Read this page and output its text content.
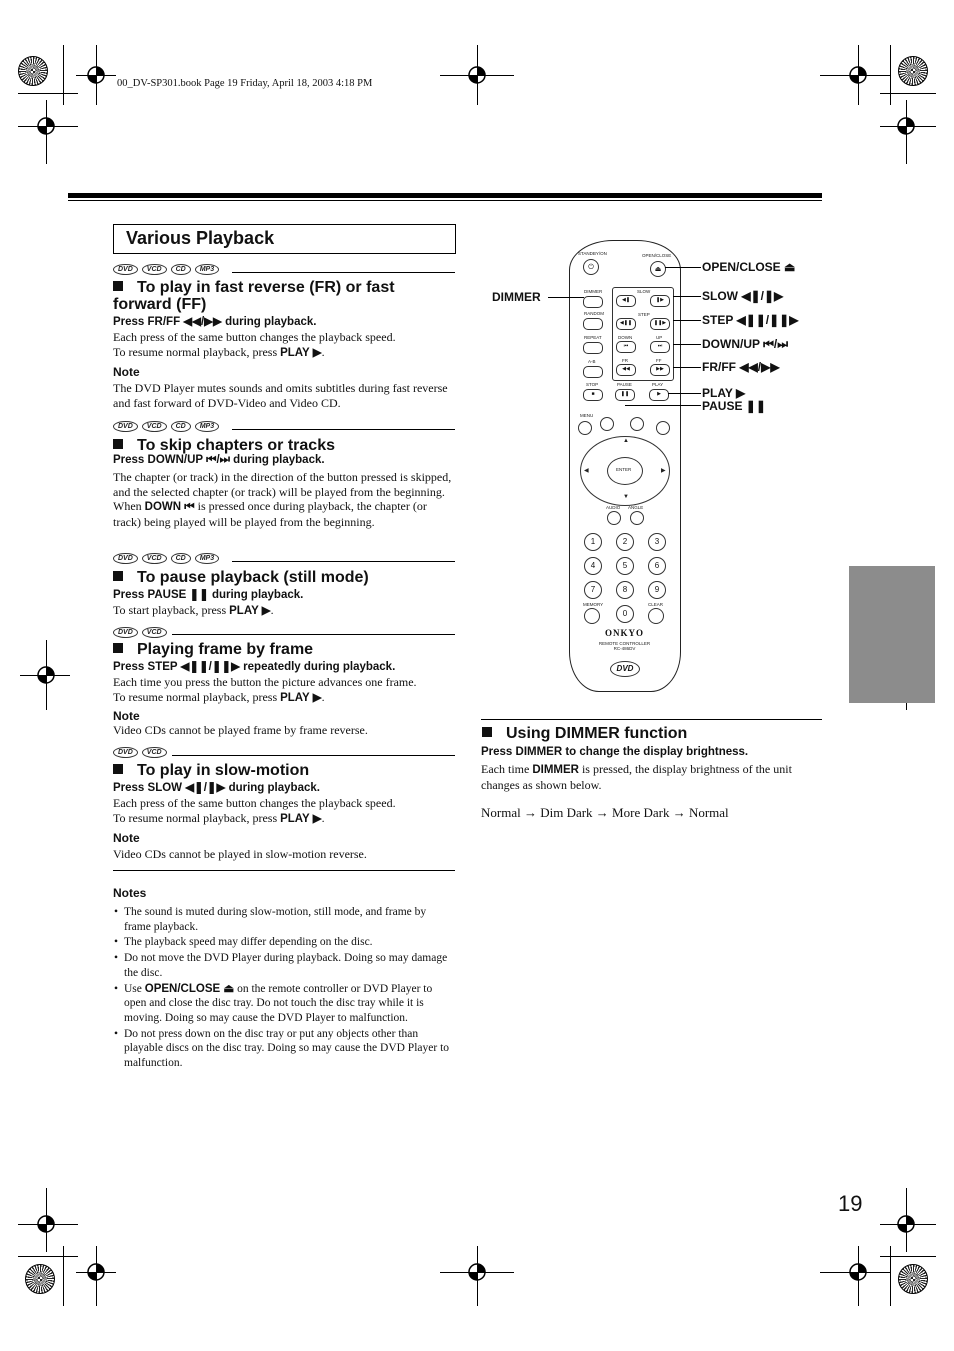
00_DV-SP301.book Page 19 Friday, April 18, 2003 4:18 PM
Various Playback
DVD	VCD	CD	MP3
To play in fast reverse (FR) or fast forward (FF)
Press FR/FF ◀◀/▶▶ during playback.
Each press of the same button changes the playback speed.
To resume normal playback, press PLAY ▶.
Note
The DVD Player mutes sounds and omits subtitles during fast reverse and fast forward of DVD-Video and Video CD.
DVD	VCD	CD	MP3
To skip chapters or tracks
Press DOWN/UP ⏮/⏭ during playback.
The chapter (or track) in the direction of the button pressed is skipped, and the selected chapter (or track) will be played from the beginning. When DOWN ⏮ is pressed once during playback, the chapter (or track) being played will be played from the beginning.
DVD	VCD	CD	MP3
To pause playback (still mode)
Press PAUSE ❚❚ during playback.
To start playback, press PLAY ▶.
DVD	VCD
Playing frame by frame
Press STEP ◀❚❚/❚❚▶ repeatedly during playback.
Each time you press the button the picture advances one frame.
To resume normal playback, press PLAY ▶.
Note
Video CDs cannot be played frame by frame reverse.
DVD	VCD
To play in slow-motion
Press SLOW ◀❚/❚▶ during playback.
Each press of the same button changes the playback speed.
To resume normal playback, press PLAY ▶.
Note
Video CDs cannot be played in slow-motion reverse.
Notes
• The sound is muted during slow-motion, still mode, and frame by frame playback.
• The playback speed may differ depending on the disc.
• Do not move the DVD Player during playback. Doing so may damage the disc.
• Use OPEN/CLOSE ⏏ on the remote controller or DVD Player to open and close the disc tray. Do not touch the disc tray while it is moving. Doing so may cause the DVD Player to malfunction.
• Do not press down on the disc tray or put any objects other than playable discs on the disc tray. Doing so may cause the DVD Player to malfunction.
STANDBY/ON	OPEN/CLOSE
⏻	⏏
DIMMER
RANDOM
REPEAT
A-B
SLOW
◀❚	❚▶
STEP
◀❚❚	❚❚▶
DOWN	UP
⏮	⏭
FR	FF
◀◀	▶▶
STOP	PAUSE	PLAY
■	❚❚	▶
MENU
ENTER
▲
▼
◀	▶
AUDIO ANGLE
1	2	3
4	5	6
7	8	9
MEMORY	CLEAR
0
ONKYO
REMOTE CONTROLLER
RC-486DV
DVD
OPEN/CLOSE ⏏
DIMMER	SLOW ◀❚/❚▶
STEP ◀❚❚/❚❚▶
DOWN/UP ⏮/⏭
FR/FF ◀◀/▶▶
PLAY ▶
PAUSE ❚❚
Using DIMMER function
Press DIMMER to change the display brightness.
Each time DIMMER is pressed, the display brightness of the unit changes as shown below.
Normal → Dim Dark → More Dark → Normal
19
